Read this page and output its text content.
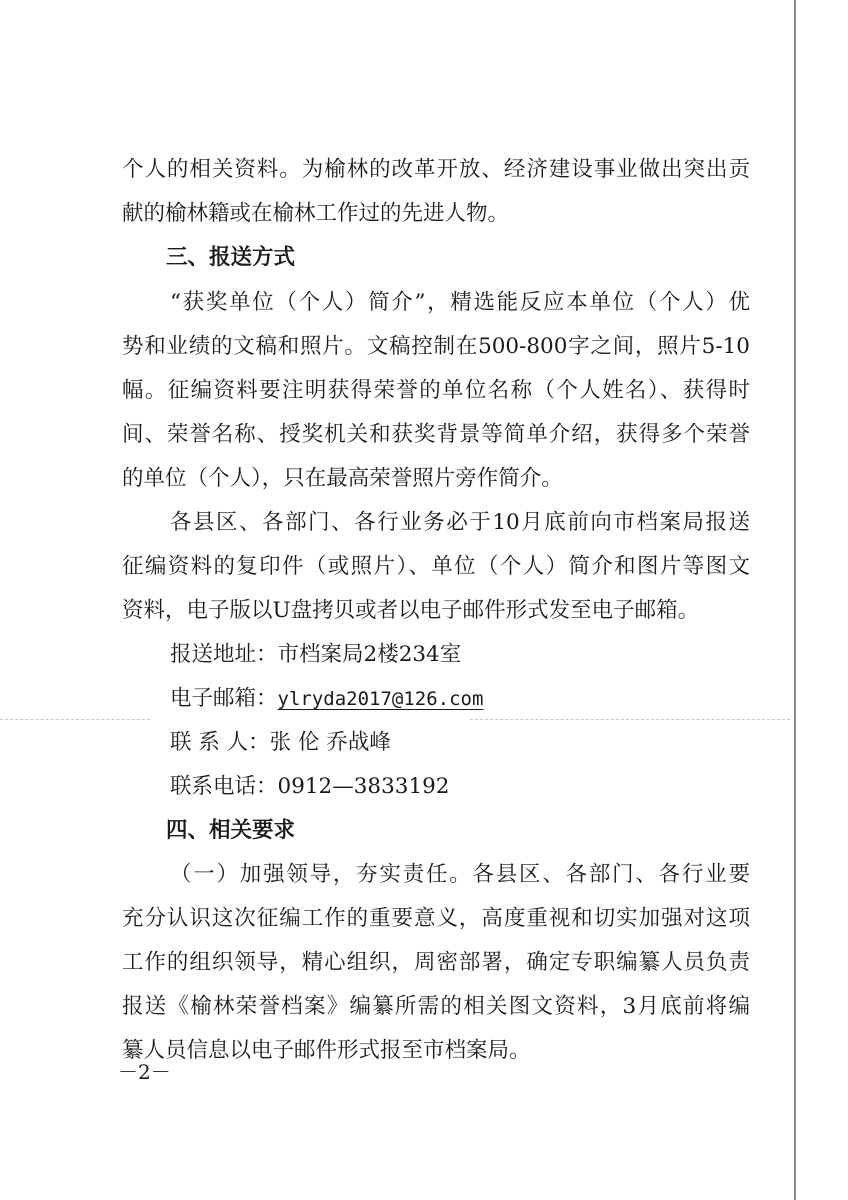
个人的相关资料。为榆林的改革开放、经济建设事业做出突出贡
献的榆林籍或在榆林工作过的先进人物。
三、报送方式
“获奖单位（个人）简介”，精选能反应本单位（个人）优
势和业绩的文稿和照片。文稿控制在500-800字之间，照片5-10
幅。征编资料要注明获得荣誉的单位名称（个人姓名）、获得时
间、荣誉名称、授奖机关和获奖背景等简单介绍，获得多个荣誉
的单位（个人），只在最高荣誉照片旁作简介。
各县区、各部门、各行业务必于10月底前向市档案局报送
征编资料的复印件（或照片）、单位（个人）简介和图片等图文
资料，电子版以U盘拷贝或者以电子邮件形式发至电子邮箱。
报送地址：市档案局2楼234室
电子邮箱：ylryda2017@126.com
联 系 人：张 伦 乔战峰
联系电话：0912—3833192
四、相关要求
（一）加强领导，夯实责任。各县区、各部门、各行业要
充分认识这次征编工作的重要意义，高度重视和切实加强对这项
工作的组织领导，精心组织，周密部署，确定专职编纂人员负责
报送《榆林荣誉档案》编纂所需的相关图文资料，3月底前将编
纂人员信息以电子邮件形式报至市档案局。
－2－
